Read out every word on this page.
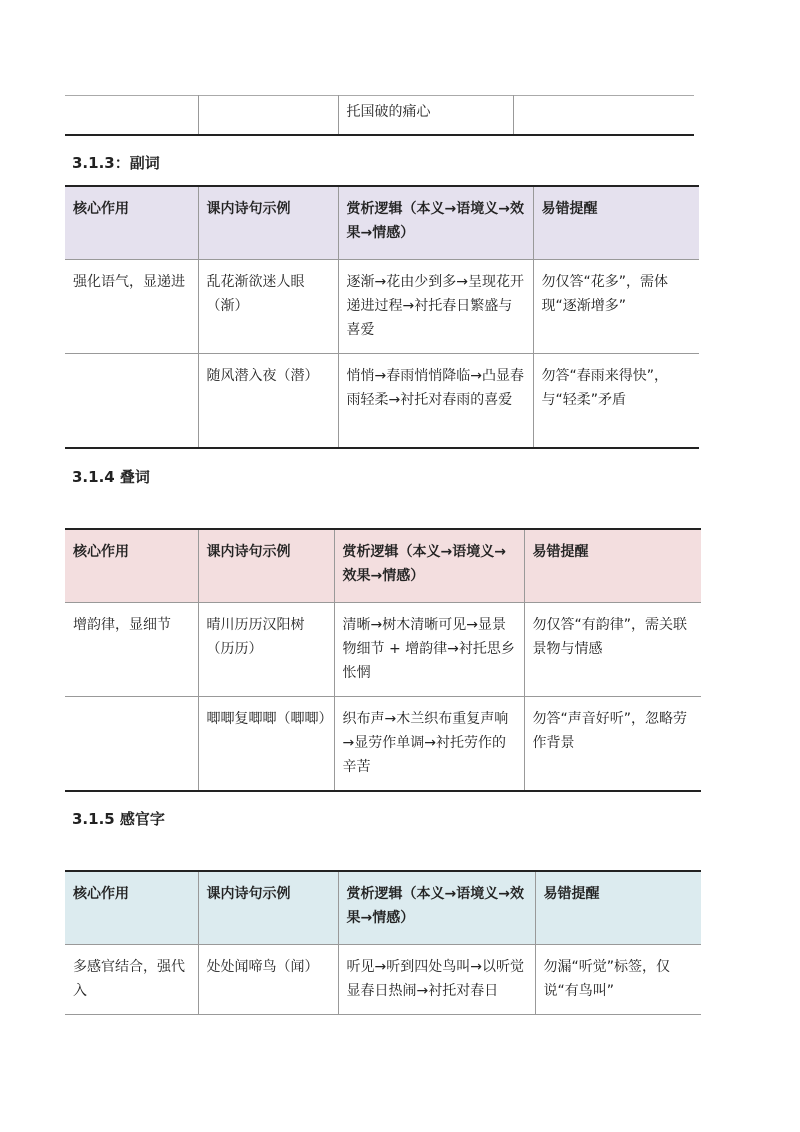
		托国破的痛心	

3.1.3：副词

核心作用	课内诗句示例	赏析逻辑（本义→语境义→效果→情感）	易错提醒
强化语气，显递进	乱花渐欲迷人眼（渐）	逐渐→花由少到多→呈现花开递进过程→衬托春日繁盛与喜爱	勿仅答“花多”，需体现“逐渐增多”
	随风潜入夜（潜）	悄悄→春雨悄悄降临→凸显春雨轻柔→衬托对春雨的喜爱	勿答“春雨来得快”，与“轻柔”矛盾

3.1.4 叠词

核心作用	课内诗句示例	赏析逻辑（本义→语境义→效果→情感）	易错提醒
增韵律，显细节	晴川历历汉阳树（历历）	清晰→树木清晰可见→显景物细节 + 增韵律→衬托思乡怅惘	勿仅答“有韵律”，需关联景物与情感
	唧唧复唧唧（唧唧）	织布声→木兰织布重复声响→显劳作单调→衬托劳作的辛苦	勿答“声音好听”，忽略劳作背景

3.1.5 感官字

核心作用	课内诗句示例	赏析逻辑（本义→语境义→效果→情感）	易错提醒
多感官结合，强代入	处处闻啼鸟（闻）	听见→听到四处鸟叫→以听觉显春日热闹→衬托对春日	勿漏“听觉”标签，仅说“有鸟叫”
